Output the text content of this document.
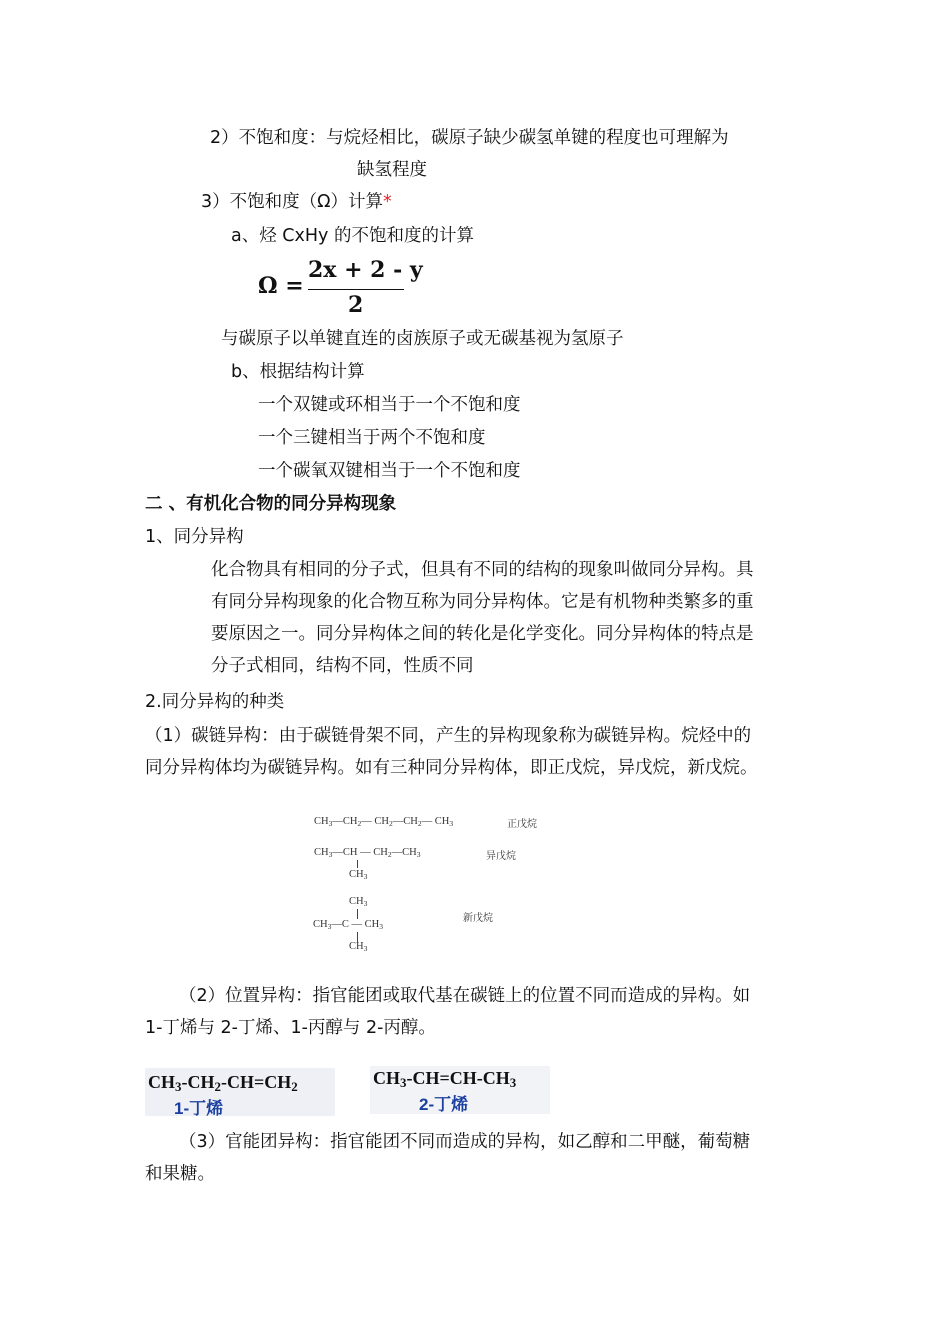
2）不饱和度：与烷烃相比，碳原子缺少碳氢单键的程度也可理解为
缺氢程度
3）不饱和度（Ω）计算*
a、烃 CxHy 的不饱和度的计算
Ω =
2x + 2 - y
2
与碳原子以单键直连的卤族原子或无碳基视为氢原子
b、根据结构计算
一个双键或环相当于一个不饱和度
一个三键相当于两个不饱和度
一个碳氧双键相当于一个不饱和度
二 、有机化合物的同分异构现象
1、同分异构
化合物具有相同的分子式，但具有不同的结构的现象叫做同分异构。具
有同分异构现象的化合物互称为同分异构体。它是有机物种类繁多的重
要原因之一。同分异构体之间的转化是化学变化。同分异构体的特点是
分子式相同，结构不同，性质不同
2.同分异构的种类
（1）碳链异构：由于碳链骨架不同，产生的异构现象称为碳链异构。烷烃中的
同分异构体均为碳链异构。如有三种同分异构体，即正戊烷，异戊烷，新戊烷。
$CH_3—CH_2—$ $CH_2—CH_2—$ $CH_3$	正戊烷
$CH_3—CH$ — $CH_2—CH_3$
$CH_3$
异戊烷
$CH_3$
$CH_3—C$ — $CH_3$
$CH_3$
新戊烷
（2）位置异构：指官能团或取代基在碳链上的位置不同而造成的异构。如
1-丁烯与 2-丁烯、1-丙醇与 2-丙醇。
$CH_3-CH_2-CH=CH_2$
1-丁烯
$CH_3-CH=CH-CH_3$
2-丁烯
（3）官能团异构：指官能团不同而造成的异构，如乙醇和二甲醚，葡萄糖
和果糖。
